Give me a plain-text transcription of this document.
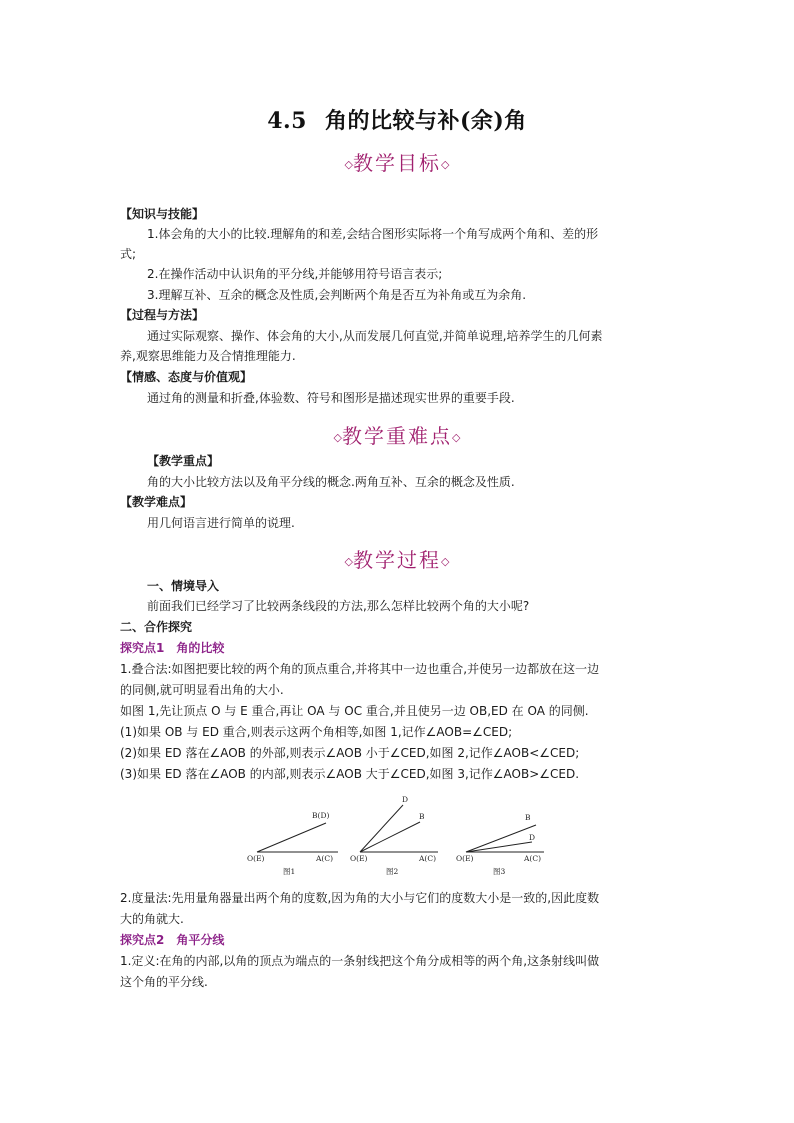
4.5 角的比较与补(余)角
◇教学目标◇
【知识与技能】
1.体会角的大小的比较.理解角的和差,会结合图形实际将一个角写成两个角和、差的形
式;
2.在操作活动中认识角的平分线,并能够用符号语言表示;
3.理解互补、互余的概念及性质,会判断两个角是否互为补角或互为余角.
【过程与方法】
通过实际观察、操作、体会角的大小,从而发展几何直觉,并简单说理,培养学生的几何素
养,观察思维能力及合情推理能力.
【情感、态度与价值观】
通过角的测量和折叠,体验数、符号和图形是描述现实世界的重要手段.
◇教学重难点◇
【教学重点】
角的大小比较方法以及角平分线的概念.两角互补、互余的概念及性质.
【教学难点】
用几何语言进行简单的说理.
◇教学过程◇
一、情境导入
前面我们已经学习了比较两条线段的方法,那么怎样比较两个角的大小呢?
二、合作探究
探究点1　角的比较
1.叠合法:如图把要比较的两个角的顶点重合,并将其中一边也重合,并使另一边都放在这一边
的同侧,就可明显看出角的大小.
如图 1,先让顶点 O 与 E 重合,再让 OA 与 OC 重合,并且使另一边 OB,ED 在 OA 的同侧.
(1)如果 OB 与 ED 重合,则表示这两个角相等,如图 1,记作∠AOB=∠CED;
(2)如果 ED 落在∠AOB 的外部,则表示∠AOB 小于∠CED,如图 2,记作∠AOB<∠CED;
(3)如果 ED 落在∠AOB 的内部,则表示∠AOB 大于∠CED,如图 3,记作∠AOB>∠CED.
O(E)	A(C)
B(D)
图1
O(E)	A(C)
B
D
图2
O(E)	A(C)
B
D
图3
2.度量法:先用量角器量出两个角的度数,因为角的大小与它们的度数大小是一致的,因此度数
大的角就大.
探究点2　角平分线
1.定义:在角的内部,以角的顶点为端点的一条射线把这个角分成相等的两个角,这条射线叫做
这个角的平分线.
